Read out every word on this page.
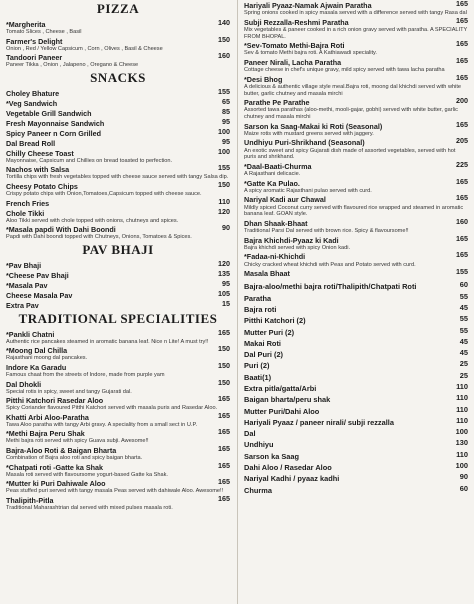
PIZZA
*Margherita	140
Tomato Slices , Cheese , Basil
Farmer's Delight	150
Onion , Red / Yellow Capsicum , Corn , Olives , Basil & Cheese
Tandoori Paneer	160
Paneer Tikka , Onion , Jalapeno , Oregano & Cheese
SNACKS
Choley Bhature	155
*Veg Sandwich	65
Vegetable Grill Sandwich	85
Fresh Mayonnaise Sandwich	95
Spicy Paneer n Corn Grilled	100
Dal Bread Roll	95
Chilly Cheese Toast	100
Mayonnaise, Capsicum and Chillies on bread toasted to perfection.
Nachos with Salsa	155
Tortilla chips with fresh vegetables topped with cheese sauce served with tangy Salsa dip.
Cheesy Potato Chips	150
Crispy potato chips with Onion,Tomatoes,Capsicum topped with cheese sauce.
French Fries	110
Chole Tikki	120
Aloo Tikki served with chole topped with onions, chutneys and spices.
*Masala papdi With Dahi Boondi	90
Papdi with Dahi boondi topped with Chutneys, Onions, Tomatoes & Spices.
PAV BHAJI
*Pav Bhaji	120
*Cheese Pav Bhaji	135
*Masala Pav	95
Cheese Masala Pav	105
Extra Pav	15
TRADITIONAL SPECIALITIES
*Pankli Chatni	165
Authentic rice pancakes steamed in aromatic banana leaf. Nice n Lite! A must try!!
*Moong Dal Chilla	150
Rajasthani moong dal pancakes.
Indore Ka Garadu	150
Famous chaat from the streets of Indore, made from purple yam
Dal Dhokli	150
Special rotis in spicy, sweet and tangy Gujarati dal.
Pitthi Katchori Rasedar Aloo	165
Spicy Coriander flavoured Pitthi Katchori served with masala puris and Rasedar Aloo.
Khatti Arbi Aloo-Paratha	165
Tawa Aloo paratha with tangy Arbi gravy. A speciality from a small sect in U.P.
*Methi Bajra Peru Shak	165
Methi bajra roti served with spicy Guava subji. Awesome!!
Bajra-Aloo Roti & Baigan Bharta	165
Combination of Bajra aloo roti and spicy baigan bharta.
*Chatpati roti -Gatte ka Shak	165
Masala roti served with flavoursome yogurt-based Gatte ka Shak.
*Mutter ki Puri Dahiwale Aloo	165
Peas stuffed puri served with tangy masala Peas served with dahiwale Aloo. Awesome!!
Thalipith-Pitla	165
Traditional Maharashtrian dal served with mixed pulses masala roti.
Hariyali Pyaaz-Namak Ajwain Paratha	165
Spring onions cooked in spicy masala served with a difference served with tangy Rasa dal
Subji Rezzalla-Reshmi Paratha	165
Mix vegetables & paneer cooked in a rich onion gravy served with paratha. A SPECIALITY FROM BHOPAL.
*Sev-Tomato Methi-Bajra Roti	165
Sev & tomato Methi bajra roti. A Kathiawadi speciality.
Paneer Nirali, Lacha Paratha	165
Cottage cheese in chef's unique gravy, mild spicy served with tawa lacha paratha
*Desi Bhog	165
A delicious & authentic village style meal.Bajra roti, moong dal khichdi served with white butter, garlic chutney and masala mirchi
Parathe Pe Parathe	200
Assorted tawa parathas (aloo-methi, mooli-gajar, gobhi) served with white butter, garlic chutney and masala mirchi
Sarson ka Saag-Makai ki Roti (Seasonal)	165
Maize rotis with mustard greens served with jaggery.
Undhiyu Puri-Shrikhand (Seasonal)	205
An exotic sweet and spicy Gujarati dish made of assorted vegetables, served with hot puris and shrikhand.
*Daal-Baati-Churma	225
A Rajasthani delicacie.
*Gatte Ka Pulao.	165
A spicy aromatic Rajasthani pulao served with curd.
Nariyal Kadi aur Chawal	165
Mildly spiced Coconut curry served with flavoured rice wrapped and steamed in aromatic banana leaf. GOAN style.
Dhan Shaak-Bhaat	160
Traditional Parsi Dal served with brown rice. Spicy & flavoursome!!
Bajra Khichdi-Pyaaz ki Kadi	165
Bajra khichdi served with spicy Onion kadi.
*Fadaa-ni-Khichdi	165
Chicky cracked wheat khichdi with Peas and Potato served with curd.
Masala Bhaat	155
Bajra-aloo/methi bajra roti/Thalipith/Chatpati Roti	60
Paratha	55
Bajra roti	45
Pitthi Katchori (2)	55
Mutter Puri (2)	55
Makai Roti	45
Dal Puri (2)	45
Puri (2)	25
Baati(1)	25
Extra pitla/gatta/Arbi	110
Baigan bharta/peru shak	110
Mutter Puri/Dahi Aloo	110
Hariyali Pyaaz / paneer nirali/ subji rezzalla	110
Dal	100
Undhiyu	130
Sarson ka Saag	110
Dahi Aloo / Rasedar Aloo	100
Nariyal Kadhi / pyaaz kadhi	90
Churma	60
